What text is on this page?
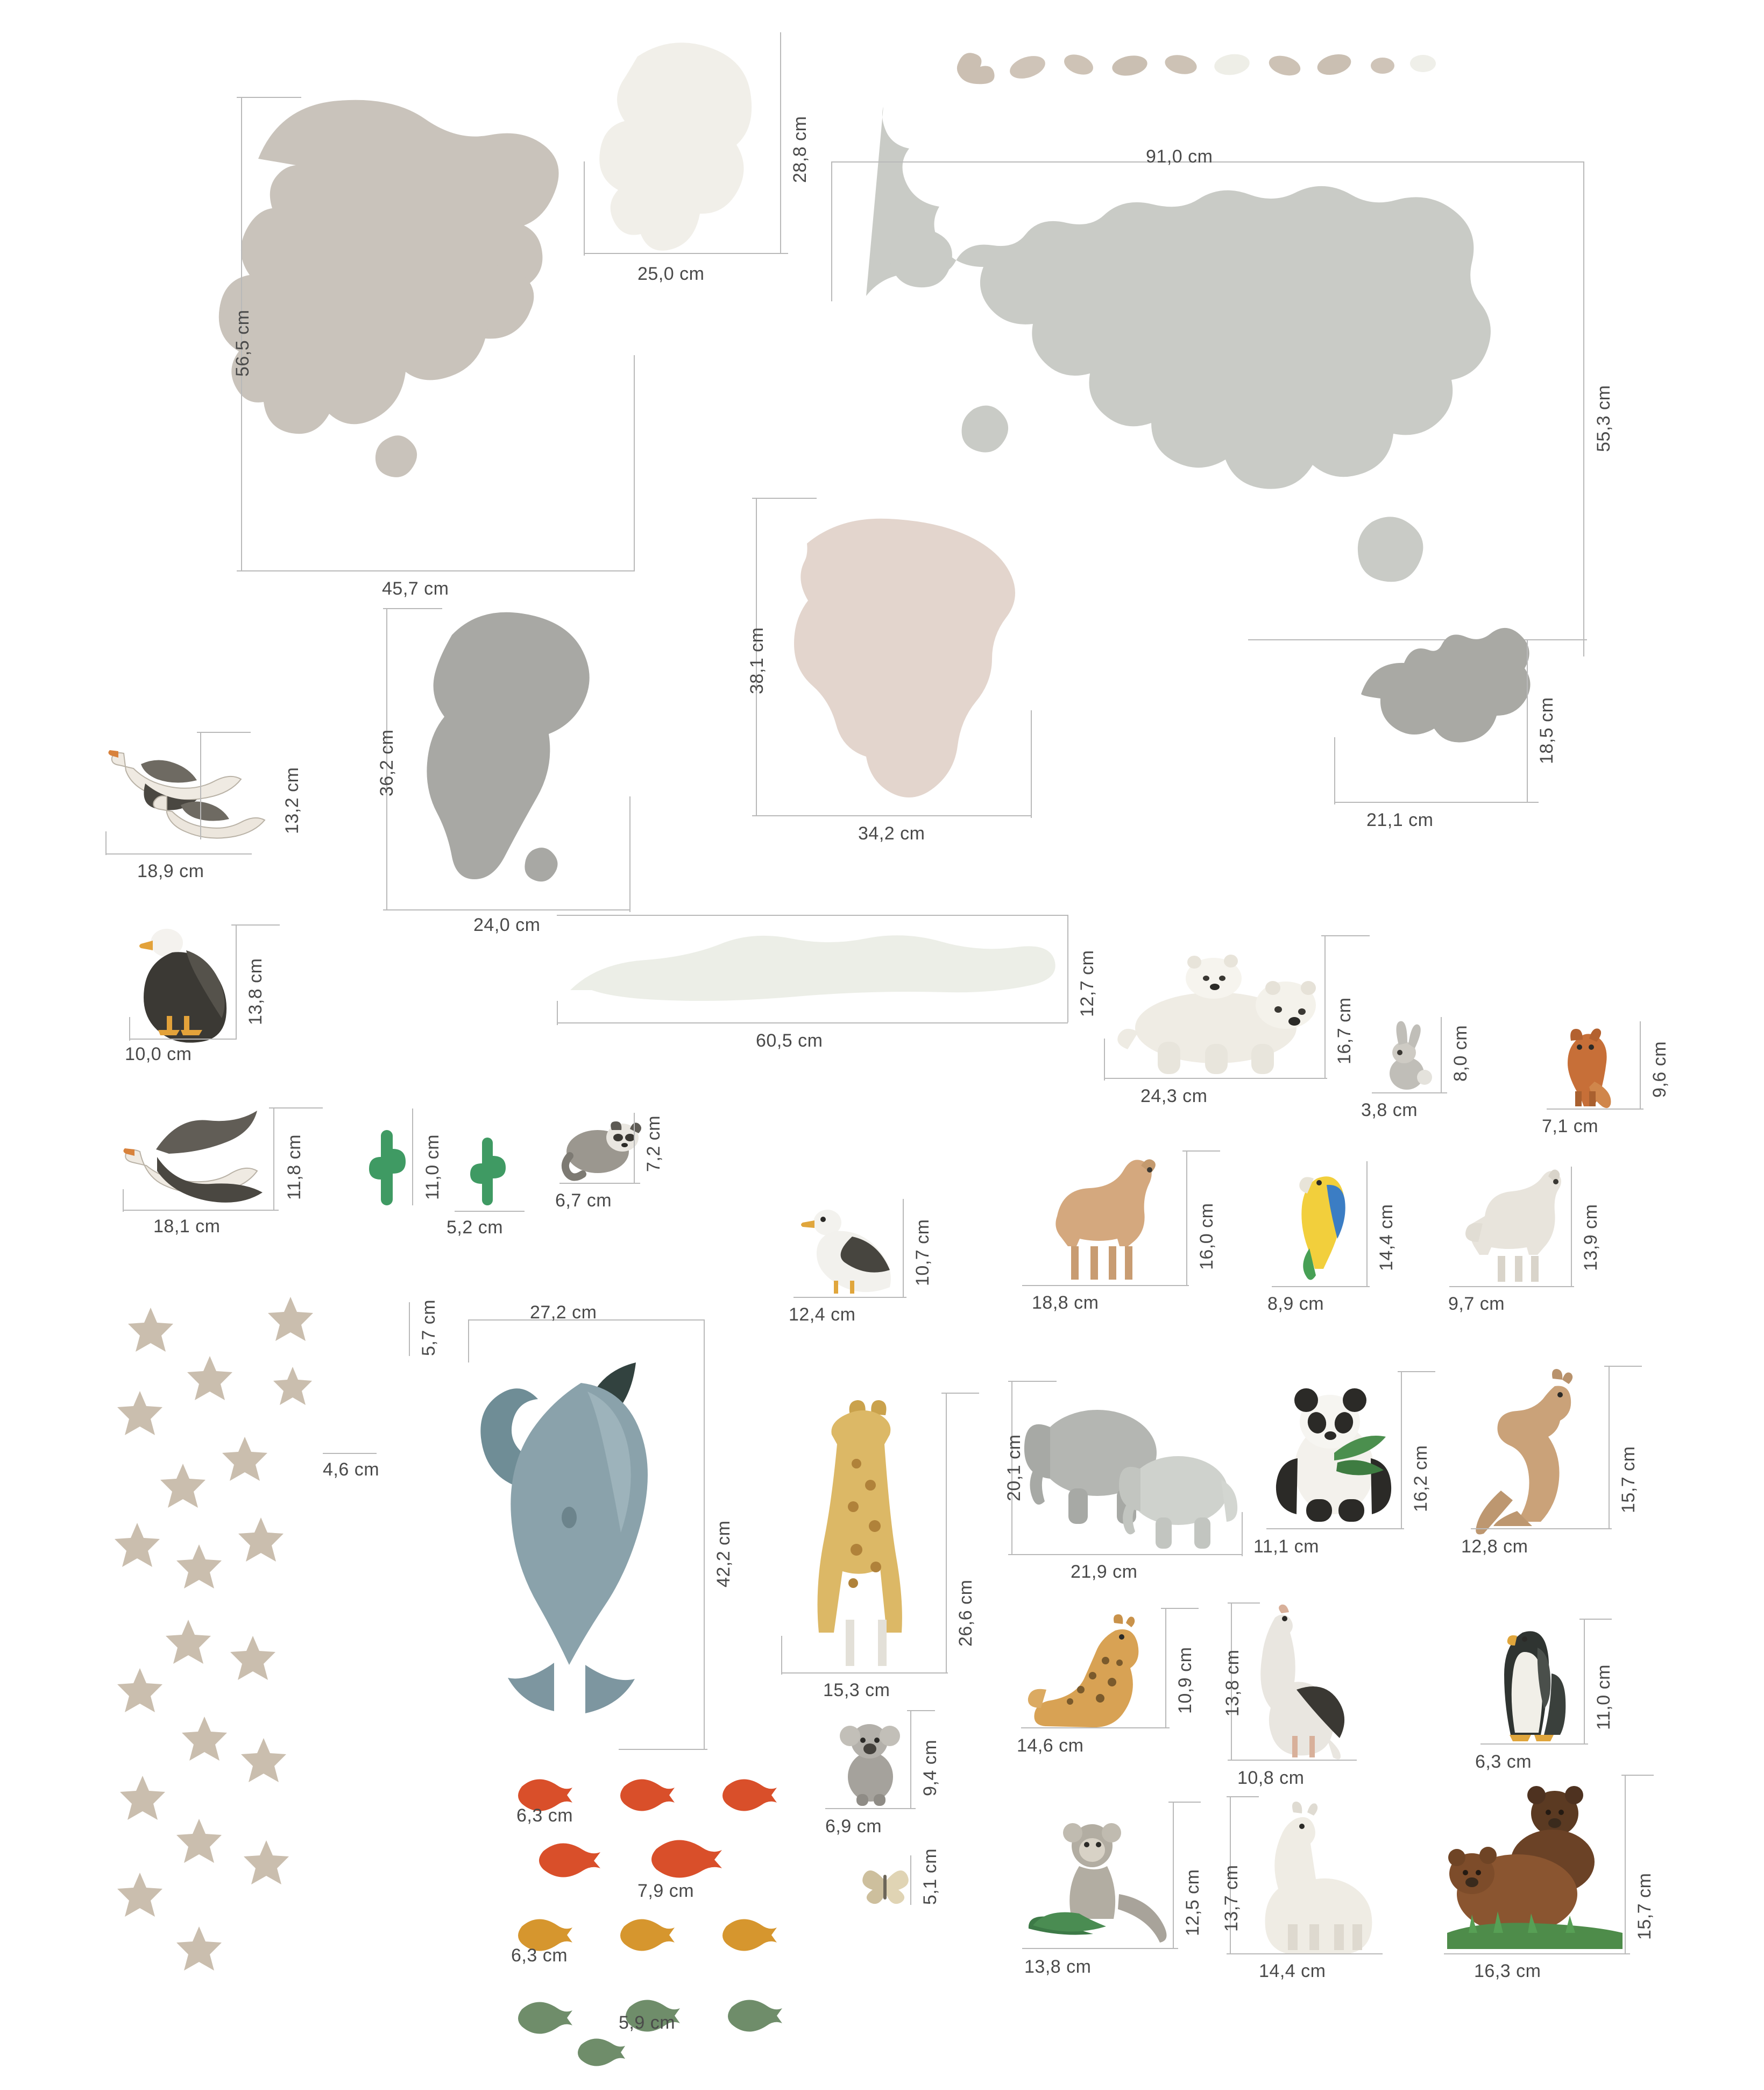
56,5 cm
45,7 cm
28,8 cm
25,0 cm
91,0 cm
55,3 cm
36,2 cm
24,0 cm
38,1 cm
34,2 cm
18,5 cm
21,1 cm
12,7 cm
60,5 cm
13,2 cm
18,9 cm
13,8 cm
10,0 cm
11,8 cm
18,1 cm
11,0 cm
5,2 cm
7,2 cm
6,7 cm
10,7 cm
12,4 cm
16,7 cm
24,3 cm
8,0 cm
3,8 cm
9,6 cm
7,1 cm
16,0 cm
18,8 cm
14,4 cm
8,9 cm
13,9 cm
9,7 cm
5,7 cm
4,6 cm
27,2 cm
42,2 cm
26,6 cm
15,3 cm
20,1 cm
21,9 cm
16,2 cm
11,1 cm
15,7 cm
12,8 cm
10,9 cm
14,6 cm
13,8 cm
10,8 cm
11,0 cm
6,3 cm
9,4 cm
6,9 cm
5,1 cm
6,3 cm
7,9 cm
6,3 cm
5,9 cm
12,5 cm
13,8 cm
13,7 cm
14,4 cm
15,7 cm
16,3 cm
